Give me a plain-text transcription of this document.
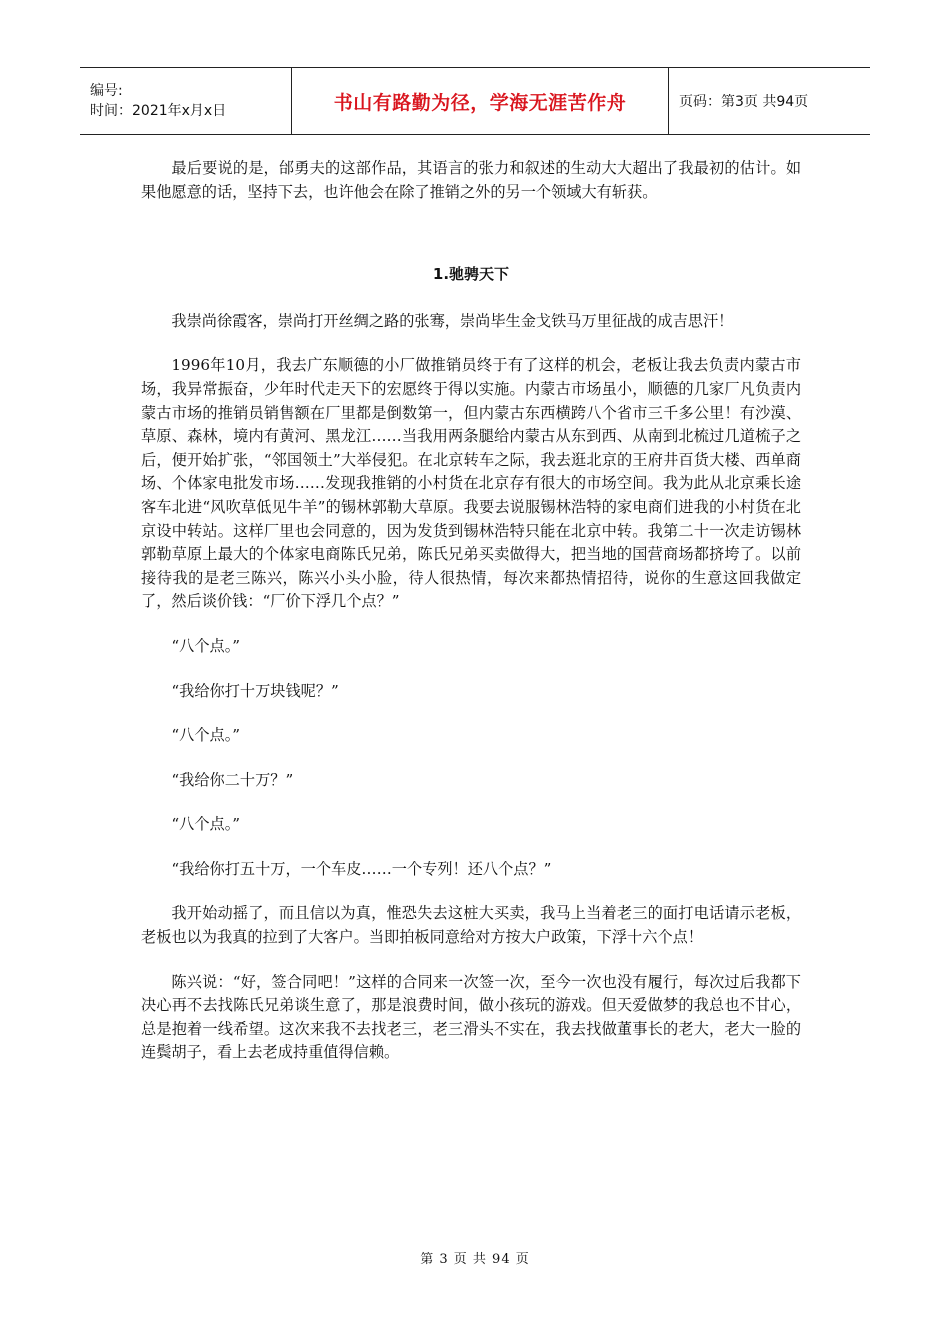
编号:
时间：2021年x月x日	书山有路勤为径，学海无涯苦作舟	页码：第3页 共94页

最后要说的是，邰勇夫的这部作品，其语言的张力和叙述的生动大大超出了我最初的估计。如果他愿意的话，坚持下去，也许他会在除了推销之外的另一个领域大有斩获。

1.驰骋天下

我崇尚徐霞客，崇尚打开丝绸之路的张骞，崇尚毕生金戈铁马万里征战的成吉思汗！

1996年10月，我去广东顺德的小厂做推销员终于有了这样的机会，老板让我去负责内蒙古市场，我异常振奋，少年时代走天下的宏愿终于得以实施。内蒙古市场虽小，顺德的几家厂凡负责内蒙古市场的推销员销售额在厂里都是倒数第一，但内蒙古东西横跨八个省市三千多公里！有沙漠、草原、森林，境内有黄河、黑龙江……当我用两条腿给内蒙古从东到西、从南到北梳过几道梳子之后，便开始扩张，“邻国领土”大举侵犯。在北京转车之际，我去逛北京的王府井百货大楼、西单商场、个体家电批发市场……发现我推销的小村货在北京存有很大的市场空间。我为此从北京乘长途客车北进“风吹草低见牛羊”的锡林郭勒大草原。我要去说服锡林浩特的家电商们进我的小村货在北京设中转站。这样厂里也会同意的，因为发货到锡林浩特只能在北京中转。我第二十一次走访锡林郭勒草原上最大的个体家电商陈氏兄弟，陈氏兄弟买卖做得大，把当地的国营商场都挤垮了。以前接待我的是老三陈兴，陈兴小头小脸，待人很热情，每次来都热情招待，说你的生意这回我做定了，然后谈价钱：“厂价下浮几个点？”

“八个点。”

“我给你打十万块钱呢？”

“八个点。”

“我给你二十万？”

“八个点。”

“我给你打五十万，一个车皮……一个专列！还八个点？”

我开始动摇了，而且信以为真，惟恐失去这桩大买卖，我马上当着老三的面打电话请示老板，老板也以为我真的拉到了大客户。当即拍板同意给对方按大户政策，下浮十六个点！

陈兴说：“好，签合同吧！”这样的合同来一次签一次，至今一次也没有履行，每次过后我都下决心再不去找陈氏兄弟谈生意了，那是浪费时间，做小孩玩的游戏。但天爱做梦的我总也不甘心，总是抱着一线希望。这次来我不去找老三，老三滑头不实在，我去找做董事长的老大，老大一脸的连鬓胡子，看上去老成持重值得信赖。

第 3 页 共 94 页
